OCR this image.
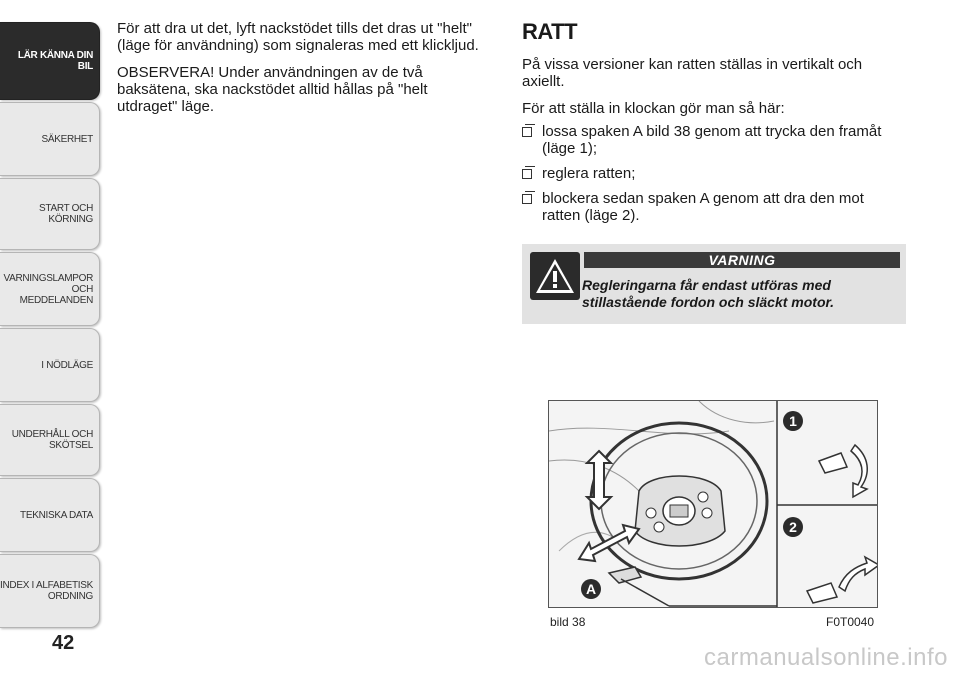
LÄR KÄNNA DIN
BIL
SÄKERHET
START OCH
KÖRNING
VARNINGSLAMPOR
OCH
MEDDELANDEN
I NÖDLÄGE
UNDERHÅLL OCH
SKÖTSEL
TEKNISKA DATA
INDEX I ALFABETISK
ORDNING
42

För att dra ut det, lyft nackstödet tills det dras ut "helt" (läge för användning) som signaleras med ett klickljud.

OBSERVERA! Under användningen av de två baksätena, ska nackstödet alltid hållas på "helt utdraget" läge.

RATT

På vissa versioner kan ratten ställas in vertikalt och axiellt.

För att ställa in klockan gör man så här:

lossa spaken A bild 38 genom att trycka den framåt (läge 1);
reglera ratten;
blockera sedan spaken A genom att dra den mot ratten (läge 2).
VARNING
Regleringarna får endast utföras med stillastående fordon och släckt motor.
1
2
A
bild 38	F0T0040
carmanualsonline.info
